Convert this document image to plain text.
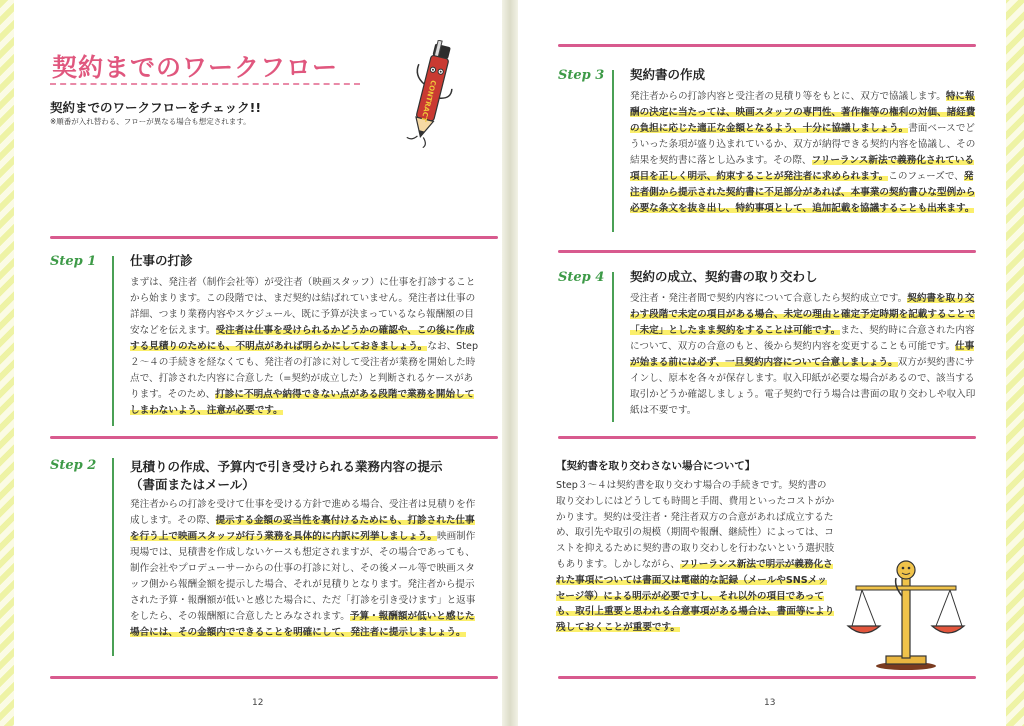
契約までのワークフロー
契約までのワークフローをチェック!!
※順番が入れ替わる、フローが異なる場合も想定されます。	CONTRACT
Step 1	仕事の打診
まずは、発注者（制作会社等）が受注者（映画スタッフ）に仕事を打診することから始まります。この段階では、まだ契約は結ばれていません。発注者は仕事の詳細、つまり業務内容やスケジュール、既に予算が決まっているなら報酬額の目安などを伝えます。受注者は仕事を受けられるかどうかの確認や、この後に作成する見積りのためにも、不明点があれば明らかにしておきましょう。なお、Step２〜４の手続きを経なくても、発注者の打診に対して受注者が業務を開始した時点で、打診された内容に合意した（=契約が成立した）と判断されるケースがあります。そのため、打診に不明点や納得できない点がある段階で業務を開始してしまわないよう、注意が必要です。
Step 2	見積りの作成、予算内で引き受けられる業務内容の提示（書面またはメール）
発注者からの打診を受けて仕事を受ける方針で進める場合、受注者は見積りを作成します。その際、提示する金額の妥当性を裏付けるためにも、打診された仕事を行う上で映画スタッフが行う業務を具体的に内訳に列挙しましょう。映画制作現場では、見積書を作成しないケースも想定されますが、その場合であっても、制作会社やプロデューサーからの仕事の打診に対し、その後メール等で映画スタッフ側から報酬金額を提示した場合、それが見積りとなります。発注者から提示された予算・報酬額が低いと感じた場合に、ただ「打診を引き受けます」と返事をしたら、その報酬額に合意したとみなされます。予算・報酬額が低いと感じた場合には、その金額内でできることを明確にして、発注者に提示しましょう。
12
Step 3 契約書の作成
発注者からの打診内容と受注者の見積り等をもとに、双方で協議します。特に報酬の決定に当たっては、映画スタッフの専門性、著作権等の権利の対価、諸経費の負担に応じた適正な金額となるよう、十分に協議しましょう。書面ベースでどういった条項が盛り込まれているか、双方が納得できる契約内容を協議し、その結果を契約書に落とし込みます。その際、フリーランス新法で義務化されている項目を正しく明示、約束することが発注者に求められます。このフェーズで、発注者側から提示された契約書に不足部分があれば、本事業の契約書ひな型例から必要な条文を抜き出し、特約事項として、追加記載を協議することも出来ます。
Step 4 契約の成立、契約書の取り交わし
受注者・発注者間で契約内容について合意したら契約成立です。契約書を取り交わす段階で未定の項目がある場合、未定の理由と確定予定時期を記載することで「未定」としたまま契約をすることは可能です。また、契約時に合意された内容について、双方の合意のもと、後から契約内容を変更することも可能です。仕事が始まる前には必ず、一旦契約内容について合意しましょう。双方が契約書にサインし、原本を各々が保存します。収入印紙が必要な場合があるので、該当する取引かどうか確認しましょう。電子契約で行う場合は書面の取り交わしや収入印紙は不要です。
【契約書を取り交わさない場合について】
Step３〜４は契約書を取り交わす場合の手続きです。契約書の取り交わしにはどうしても時間と手間、費用といったコストがかかります。契約は受注者・発注者双方の合意があれば成立するため、取引先や取引の規模（期間や報酬、継続性）によっては、コストを抑えるために契約書の取り交わしを行わないという選択肢もあります。しかしながら、フリーランス新法で明示が義務化された事項については書面又は電磁的な記録（メールやSNSメッセージ等）による明示が必要ですし、それ以外の項目であっても、取引上重要と思われる合意事項がある場合は、書面等により残しておくことが重要です。
13
